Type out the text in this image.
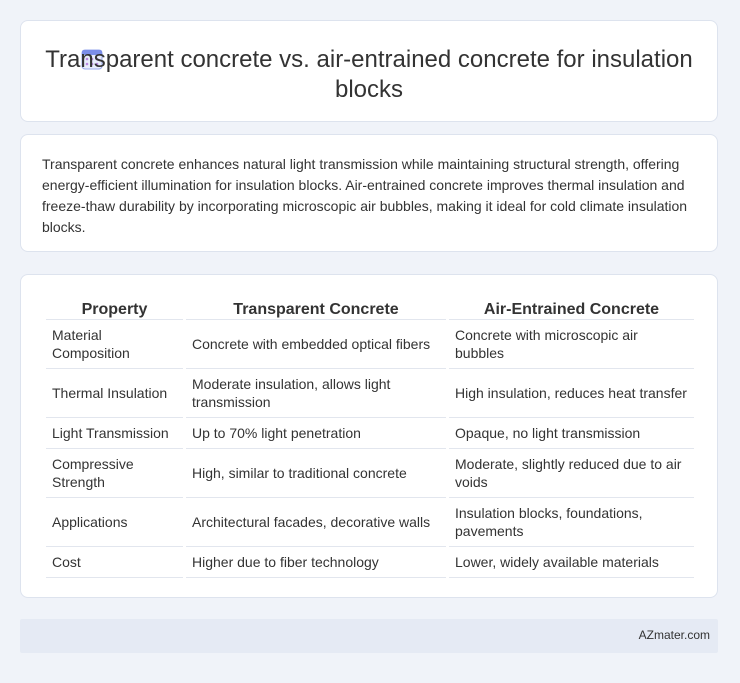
Transparent concrete vs. air-entrained concrete for insulation blocks

Transparent concrete enhances natural light transmission while maintaining structural strength, offering energy-efficient illumination for insulation blocks. Air-entrained concrete improves thermal insulation and freeze-thaw durability by incorporating microscopic air bubbles, making it ideal for cold climate insulation blocks.

Property	Transparent Concrete	Air-Entrained Concrete
Material Composition	Concrete with embedded optical fibers	Concrete with microscopic air bubbles
Thermal Insulation	Moderate insulation, allows light transmission	High insulation, reduces heat transfer
Light Transmission	Up to 70% light penetration	Opaque, no light transmission
Compressive Strength	High, similar to traditional concrete	Moderate, slightly reduced due to air voids
Applications	Architectural facades, decorative walls	Insulation blocks, foundations, pavements
Cost	Higher due to fiber technology	Lower, widely available materials
AZmater.com
